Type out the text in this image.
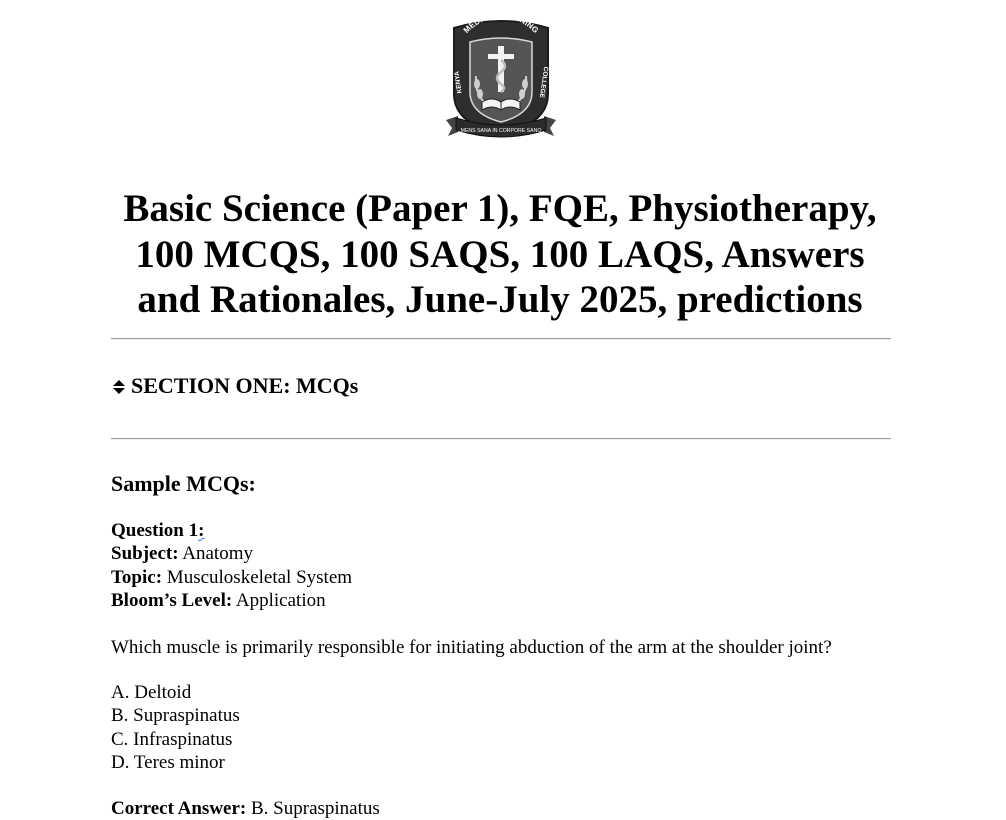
MENS SANA IN CORPORE SANO
MEDICAL TRAINING
KENYA
COLLEGE
Basic Science (Paper 1), FQE, Physiotherapy, 100 MCQS, 100 SAQS, 100 LAQS, Answers and Rationales, June-July 2025, predictions
SECTION ONE: MCQs
Sample MCQs:
Question 1:
Subject: Anatomy
Topic: Musculoskeletal System
Bloom’s Level: Application
Which muscle is primarily responsible for initiating abduction of the arm at the shoulder joint?
A. Deltoid
B. Supraspinatus
C. Infraspinatus
D. Teres minor
Correct Answer: B. Supraspinatus
